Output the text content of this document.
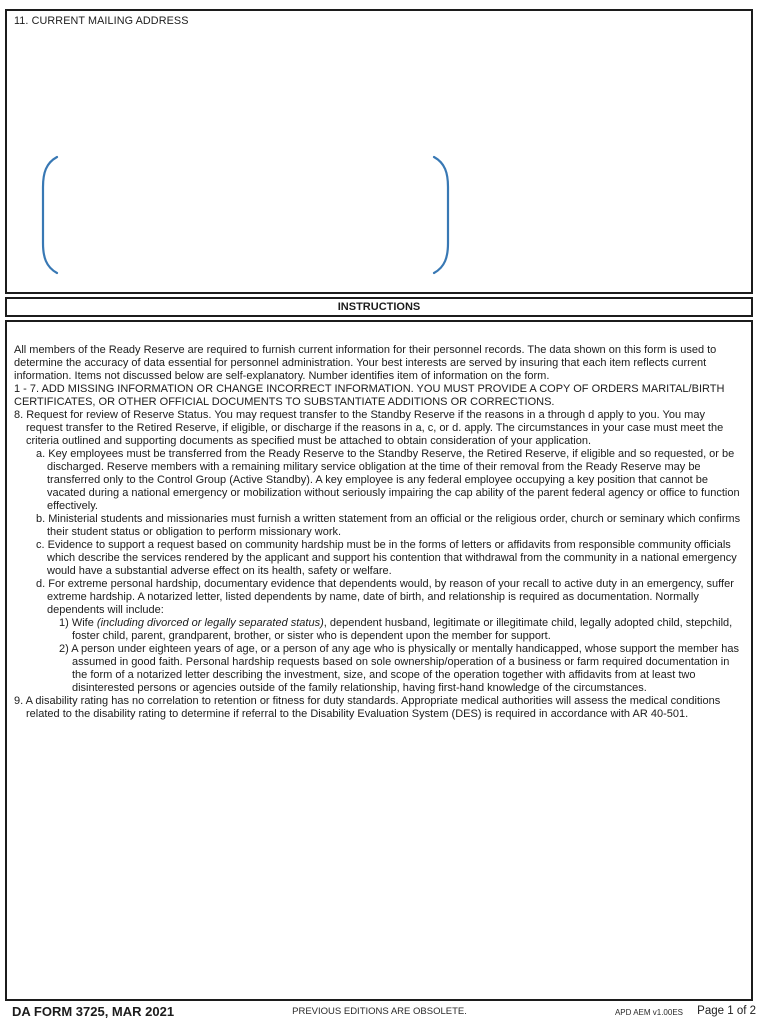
11. CURRENT MAILING ADDRESS
INSTRUCTIONS
All members of the Ready Reserve are required to furnish current information for their personnel records. The data shown on this form is used to determine the accuracy of data essential for personnel administration. Your best interests are served by insuring that each item reflects current information. Items not discussed below are self-explanatory. Number identifies item of information on the form.
1 - 7. ADD MISSING INFORMATION OR CHANGE INCORRECT INFORMATION. YOU MUST PROVIDE A COPY OF ORDERS MARITAL/BIRTH CERTIFICATES, OR OTHER OFFICIAL DOCUMENTS TO SUBSTANTIATE ADDITIONS OR CORRECTIONS.
8. Request for review of Reserve Status. You may request transfer to the Standby Reserve if the reasons in a through d apply to you. You may request transfer to the Retired Reserve, if eligible, or discharge if the reasons in a, c, or d. apply. The circumstances in your case must meet the criteria outlined and supporting documents as specified must be attached to obtain consideration of your application.
a. Key employees must be transferred from the Ready Reserve to the Standby Reserve, the Retired Reserve, if eligible and so requested, or be discharged. Reserve members with a remaining military service obligation at the time of their removal from the Ready Reserve may be transferred only to the Control Group (Active Standby). A key employee is any federal employee occupying a key position that cannot be vacated during a national emergency or mobilization without seriously impairing the cap ability of the parent federal agency or office to function effectively.
b. Ministerial students and missionaries must furnish a written statement from an official or the religious order, church or seminary which confirms their student status or obligation to perform missionary work.
c. Evidence to support a request based on community hardship must be in the forms of letters or affidavits from responsible community officials which describe the services rendered by the applicant and support his contention that withdrawal from the community in a national emergency would have a substantial adverse effect on its health, safety or welfare.
d. For extreme personal hardship, documentary evidence that dependents would, by reason of your recall to active duty in an emergency, suffer extreme hardship. A notarized letter, listed dependents by name, date of birth, and relationship is required as documentation. Normally dependents will include:
1) Wife (including divorced or legally separated status), dependent husband, legitimate or illegitimate child, legally adopted child, stepchild, foster child, parent, grandparent, brother, or sister who is dependent upon the member for support.
2) A person under eighteen years of age, or a person of any age who is physically or mentally handicapped, whose support the member has assumed in good faith. Personal hardship requests based on sole ownership/operation of a business or farm required documentation in the form of a notarized letter describing the investment, size, and scope of the operation together with affidavits from at least two disinterested persons or agencies outside of the family relationship, having first-hand knowledge of the circumstances.
9. A disability rating has no correlation to retention or fitness for duty standards. Appropriate medical authorities will assess the medical conditions related to the disability rating to determine if referral to the Disability Evaluation System (DES) is required in accordance with AR 40-501.
DA FORM 3725, MAR 2021	PREVIOUS EDITIONS ARE OBSOLETE.	APD AEM v1.00ES Page 1 of 2
